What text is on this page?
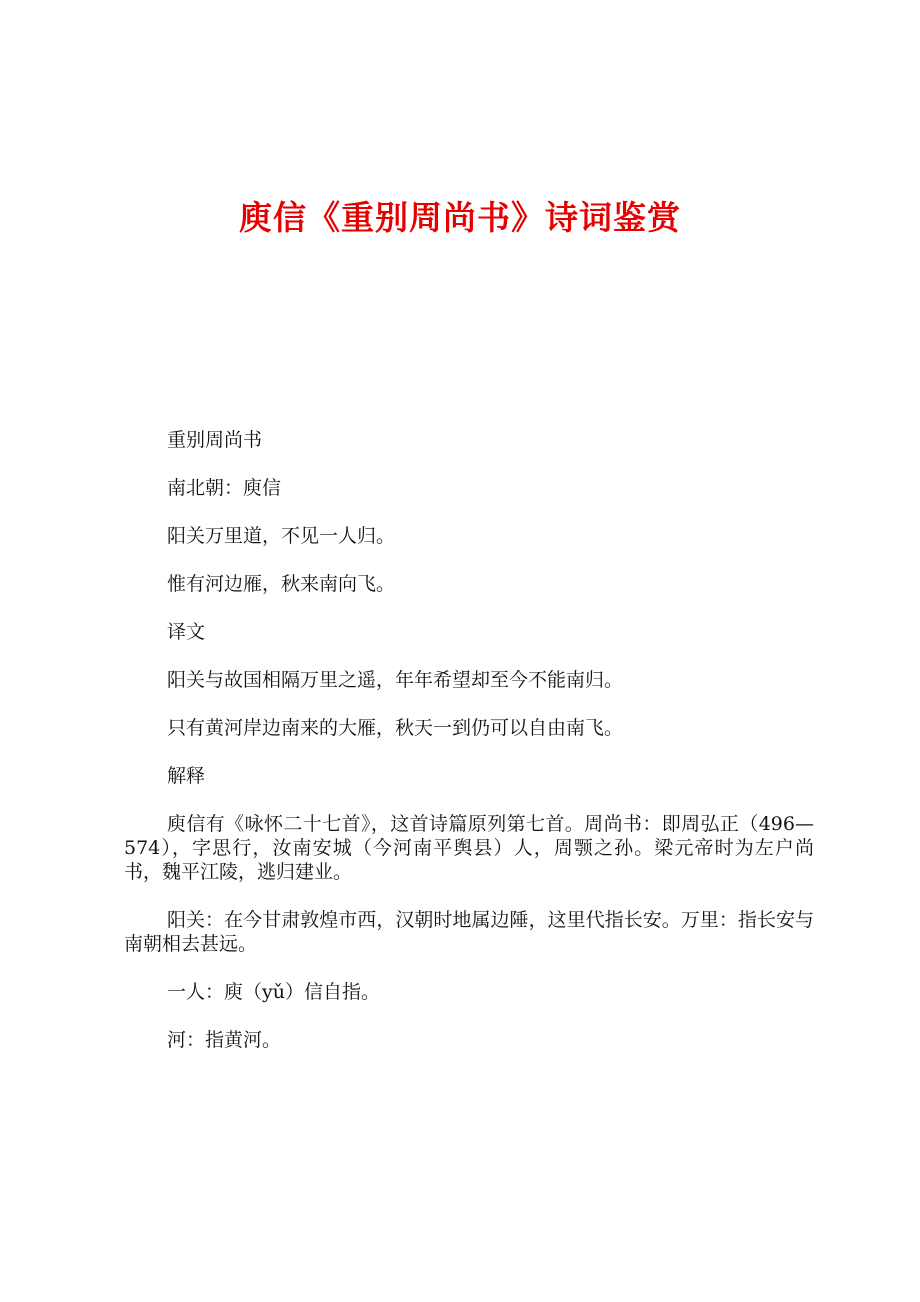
庾信《重别周尚书》诗词鉴赏

重别周尚书

南北朝：庾信

阳关万里道，不见一人归。

惟有河边雁，秋来南向飞。

译文

阳关与故国相隔万里之遥，年年希望却至今不能南归。

只有黄河岸边南来的大雁，秋天一到仍可以自由南飞。

解释

庾信有《咏怀二十七首》，这首诗篇原列第七首。周尚书：即周弘正（496—574），字思行，汝南安城（今河南平舆县）人，周颚之孙。梁元帝时为左户尚书，魏平江陵，逃归建业。

阳关：在今甘肃敦煌市西，汉朝时地属边陲，这里代指长安。万里：指长安与南朝相去甚远。

一人：庾（yǔ）信自指。

河：指黄河。
